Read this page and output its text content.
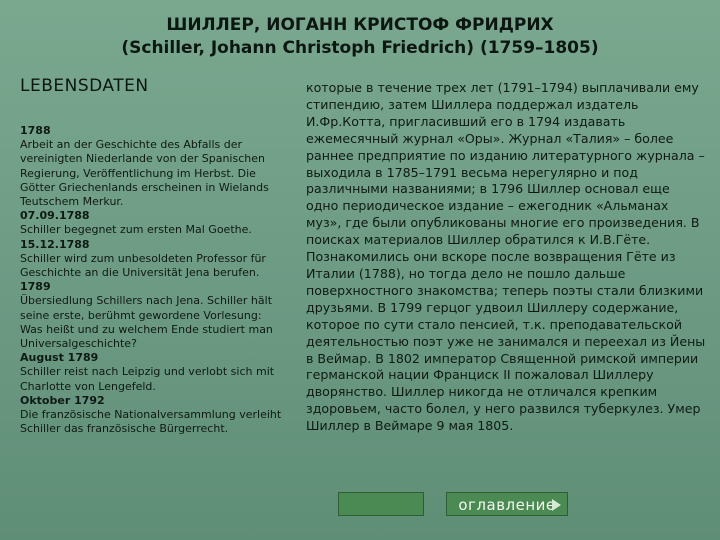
ШИЛЛЕР, ИОГАНН КРИСТОФ ФРИДРИХ
(Schiller, Johann Christoph Friedrich) (1759–1805)
LEBENSDATEN
1788
Arbeit an der Geschichte des Abfalls der vereinigten Niederlande von der Spanischen Regierung, Veröffentlichung im Herbst. Die Götter Griechenlands erscheinen in Wielands Teutschem Merkur.
07.09.1788
Schiller begegnet zum ersten Mal Goethe.
15.12.1788
Schiller wird zum unbesoldeten Professor für Geschichte an die Universität Jena berufen.
1789
Übersiedlung Schillers nach Jena. Schiller hält seine erste, berühmt gewordene Vorlesung: Was heißt und zu welchem Ende studiert man Universalgeschichte?
August 1789
Schiller reist nach Leipzig und verlobt sich mit Charlotte von Lengefeld.
Oktober 1792
Die französische Nationalversammlung verleiht Schiller das französische Bürgerrecht.
которые в течение трех лет (1791–1794) выплачивали ему стипендию, затем Шиллера поддержал издатель И.Фр.Котта, пригласивший его в 1794 издавать ежемесячный журнал «Оры». Журнал «Талия» – более раннее предприятие по изданию литературного журнала – выходила в 1785–1791 весьма нерегулярно и под различными названиями; в 1796 Шиллер основал еще одно периодическое издание – ежегодник «Альманах муз», где были опубликованы многие его произведения. В поисках материалов Шиллер обратился к И.В.Гёте. Познакомились они вскоре после возвращения Гёте из Италии (1788), но тогда дело не пошло дальше поверхностного знакомства; теперь поэты стали близкими друзьями. В 1799 герцог удвоил Шиллеру содержание, которое по сути стало пенсией, т.к. преподавательской деятельностью поэт уже не занимался и переехал из Йены в Веймар. В 1802 император Священной римской империи германской нации Франциск II пожаловал Шиллеру дворянство. Шиллер никогда не отличался крепким здоровьем, часто болел, у него развился туберкулез. Умер Шиллер в Веймаре 9 мая 1805.
оглавление
